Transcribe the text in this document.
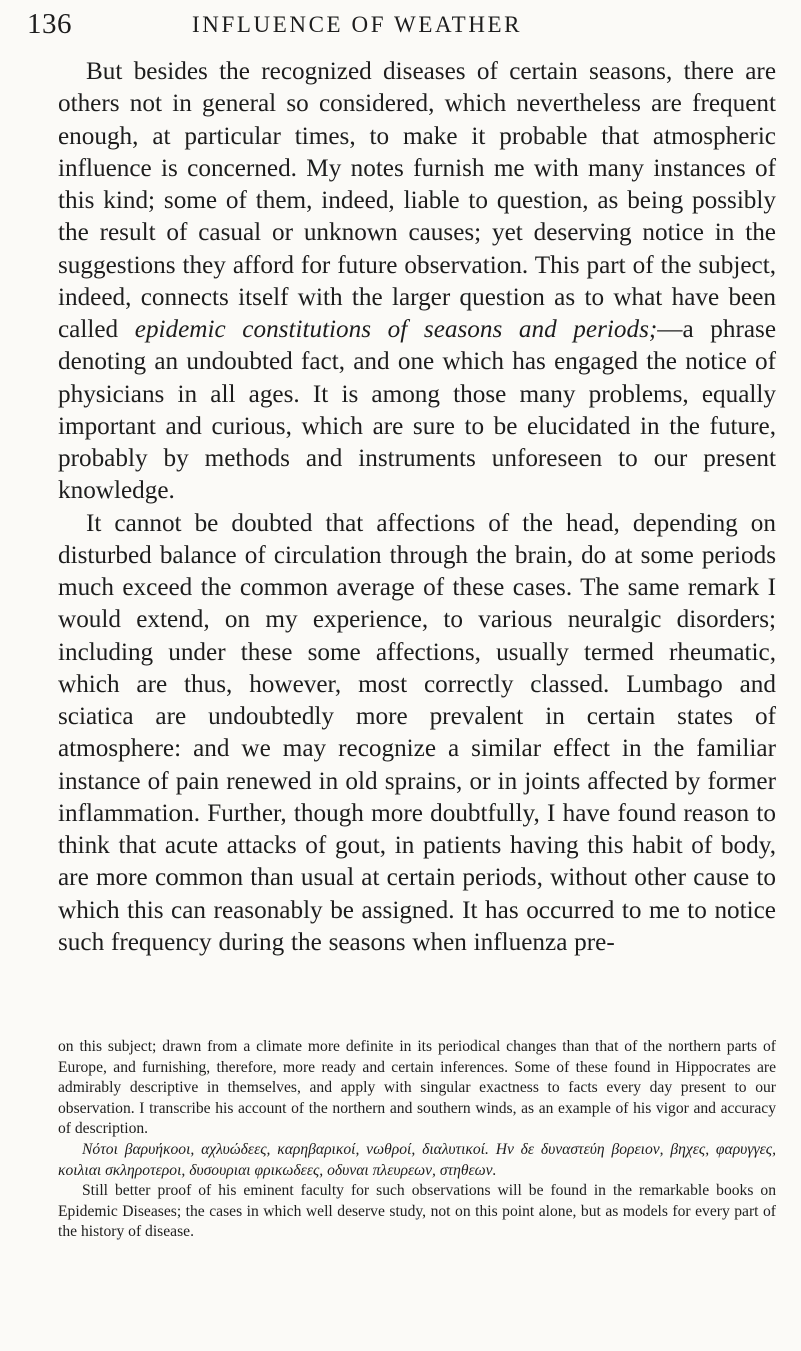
136	INFLUENCE OF WEATHER

But besides the recognized diseases of certain seasons, there are others not in general so considered, which nevertheless are frequent enough, at particular times, to make it probable that atmospheric influence is concerned. My notes furnish me with many instances of this kind; some of them, indeed, liable to question, as being possibly the result of casual or unknown causes; yet deserving notice in the suggestions they afford for future observation. This part of the subject, indeed, connects itself with the larger question as to what have been called epidemic constitutions of seasons and periods;—a phrase denoting an undoubted fact, and one which has engaged the notice of physicians in all ages. It is among those many problems, equally important and curious, which are sure to be elucidated in the future, probably by methods and instruments unforeseen to our present knowledge.

It cannot be doubted that affections of the head, depending on disturbed balance of circulation through the brain, do at some periods much exceed the common average of these cases. The same remark I would extend, on my experience, to various neuralgic disorders; including under these some affections, usually termed rheumatic, which are thus, however, most correctly classed. Lumbago and sciatica are undoubtedly more prevalent in certain states of atmosphere: and we may recognize a similar effect in the familiar instance of pain renewed in old sprains, or in joints affected by former inflammation. Further, though more doubtfully, I have found reason to think that acute attacks of gout, in patients having this habit of body, are more common than usual at certain periods, without other cause to which this can reasonably be assigned. It has occurred to me to notice such frequency during the seasons when influenza pre-

on this subject; drawn from a climate more definite in its periodical changes than that of the northern parts of Europe, and furnishing, therefore, more ready and certain inferences. Some of these found in Hippocrates are admirably descriptive in themselves, and apply with singular exactness to facts every day present to our observation. I transcribe his account of the northern and southern winds, as an example of his vigor and accuracy of description.

Νότοι βαρυήκοοι, αχλυώδεες, καρηβαρικοί, νωθροί, διαλυτικοί. Ην δε δυναστεύη βορειον, βηχες, φαρυγγες, κοιλιαι σκληροτεροι, δυσουριαι φρικωδεες, οδυναι πλευρεων, στηθεων.

Still better proof of his eminent faculty for such observations will be found in the remarkable books on Epidemic Diseases; the cases in which well deserve study, not on this point alone, but as models for every part of the history of disease.
